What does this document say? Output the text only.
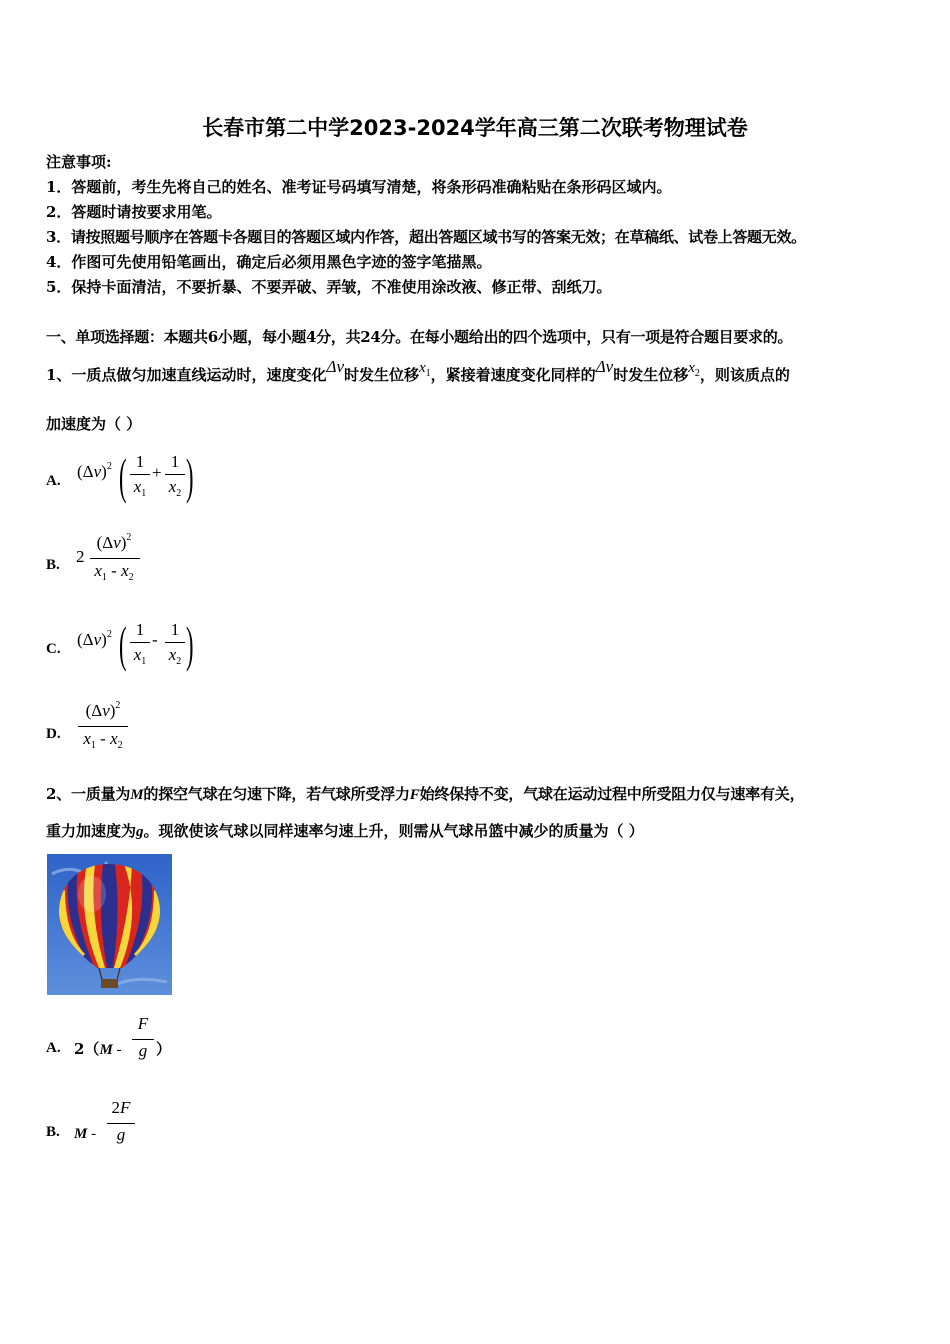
长春市第二中学2023-2024学年高三第二次联考物理试卷
注意事项:
1．答题前，考生先将自己的姓名、准考证号码填写清楚，将条形码准确粘贴在条形码区域内。
2．答题时请按要求用笔。
3．请按照题号顺序在答题卡各题目的答题区域内作答，超出答题区域书写的答案无效；在草稿纸、试卷上答题无效。
4．作图可先使用铅笔画出，确定后必须用黑色字迹的签字笔描黑。
5．保持卡面清洁，不要折暴、不要弄破、弄皱，不准使用涂改液、修正带、刮纸刀。
一、单项选择题：本题共6小题，每小题4分，共24分。在每小题给出的四个选项中，只有一项是符合题目要求的。
1、一质点做匀加速直线运动时，速度变化Δv时发生位移$x_1$，紧接着速度变化同样的Δv时发生位移$x_2$，则该质点的
加速度为（ ）
A. $(\Delta v)^2$ ( 1
$x_1$
+
1
$x_2$ )
B. 2
$(\Delta v)^2$
$x_1 - x_2$
C. $(\Delta v)^2$ ( 1
$x_1$
-
1
$x_2$ )
D.
$(\Delta v)^2$
$x_1 - x_2$
2、一质量为M的探空气球在匀速下降，若气球所受浮力F始终保持不变，气球在运动过程中所受阻力仅与速率有关，
重力加速度为g。现欲使该气球以同样速率匀速上升，则需从气球吊篮中减少的质量为（ ）
A. 2（M -
F
g ）
B. M -
2F
g
